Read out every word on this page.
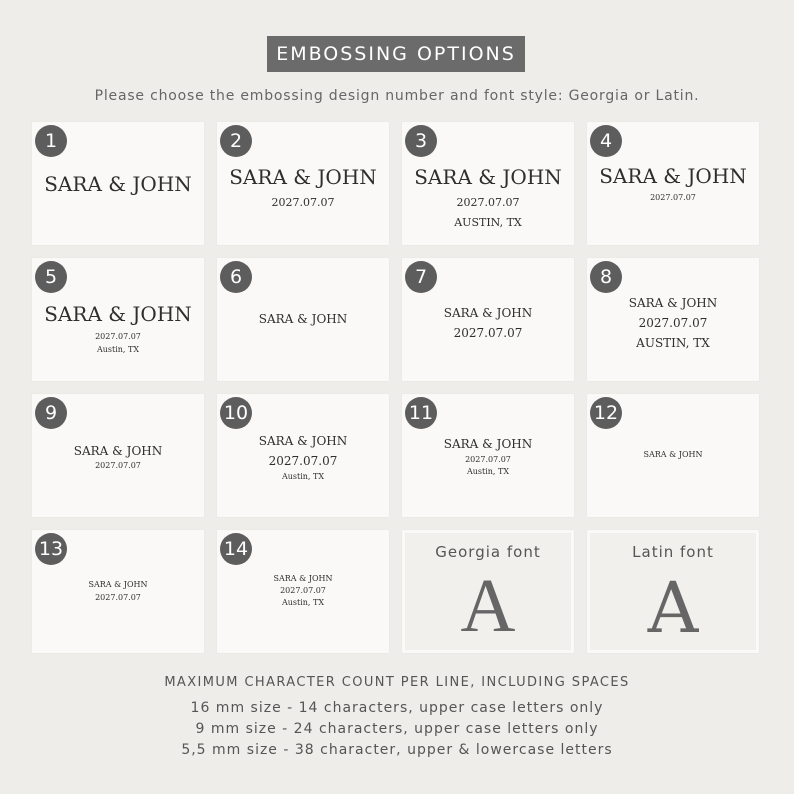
EMBOSSING OPTIONS
Please choose the embossing design number and font style: Georgia or Latin.
1
SARA & JOHN
2
SARA & JOHN
2027.07.07
3
SARA & JOHN
2027.07.07
AUSTIN, TX
4
SARA & JOHN
2027.07.07
5
SARA & JOHN
2027.07.07
Austin, TX
6
SARA & JOHN
7
SARA & JOHN
2027.07.07
8
SARA & JOHN
2027.07.07
AUSTIN, TX
9
SARA & JOHN
2027.07.07
10
SARA & JOHN
2027.07.07
Austin, TX
11
SARA & JOHN
2027.07.07
Austin, TX
12
SARA & JOHN
13
SARA & JOHN
2027.07.07
14
SARA & JOHN
2027.07.07
Austin, TX
Georgia font
A
Latin font
A
MAXIMUM CHARACTER COUNT PER LINE, INCLUDING SPACES
16 mm size - 14 characters, upper case letters only
9 mm size - 24 characters, upper case letters only
5,5 mm size - 38 character, upper & lowercase letters
